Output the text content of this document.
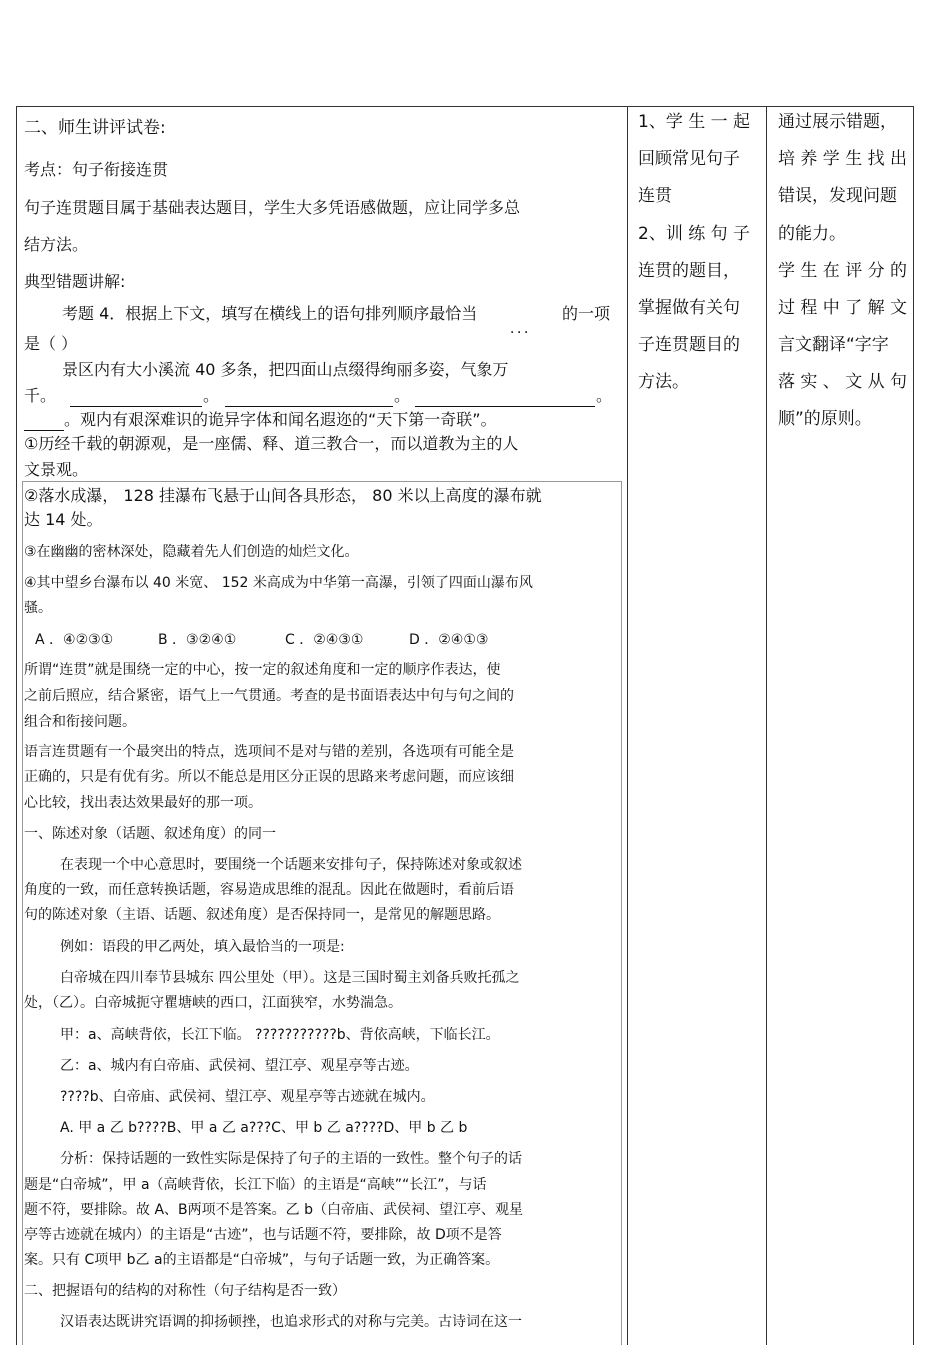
二、师生讲评试卷:
考点：句子衔接连贯
句子连贯题目属于基础表达题目，学生大多凭语感做题，应让同学多总
结方法。
典型错题讲解:
考题 4．根据上下文，填写在横线上的语句排列顺序最恰当	的一项
．．．
是（ ）
景区内有大小溪流 40 多条，把四面山点缀得绚丽多姿，气象万
千。	。	。	。
。观内有艰深难识的诡异字体和闻名遐迩的“天下第一奇联”。
①历经千载的朝源观，是一座儒、释、道三教合一，而以道教为主的人
文景观。
②落水成瀑， 128 挂瀑布飞悬于山间各具形态， 80 米以上高度的瀑布就
达 14 处。
③在幽幽的密林深处，隐藏着先人们创造的灿烂文化。
④其中望乡台瀑布以 40 米宽、 152 米高成为中华第一高瀑，引领了四面山瀑布风
骚。
A ．④②③①	B ．③②④①	C ．②④③①	D ．②④①③
所谓“连贯”就是围绕一定的中心，按一定的叙述角度和一定的顺序作表达，使
之前后照应，结合紧密，语气上一气贯通。考查的是书面语表达中句与句之间的
组合和衔接问题。
语言连贯题有一个最突出的特点，选项间不是对与错的差别，各选项有可能全是
正确的，只是有优有劣。所以不能总是用区分正误的思路来考虑问题，而应该细
心比较，找出表达效果最好的那一项。
一、陈述对象（话题、叙述角度）的同一
在表现一个中心意思时，要围绕一个话题来安排句子，保持陈述对象或叙述
角度的一致，而任意转换话题，容易造成思维的混乱。因此在做题时，看前后语
句的陈述对象（主语、话题、叙述角度）是否保持同一，是常见的解题思路。
例如：语段的甲乙两处，填入最恰当的一项是:
白帝城在四川奉节县城东 四公里处（甲）。这是三国时蜀主刘备兵败托孤之
处，（乙）。白帝城扼守瞿塘峡的西口，江面狭窄，水势湍急。
甲：a、高峡背依，长江下临。 ???????????b、背依高峡，下临长江。
乙：a、城内有白帝庙、武侯祠、望江亭、观星亭等古迹。
????b、白帝庙、武侯祠、望江亭、观星亭等古迹就在城内。
A. 甲 a 乙 b????B、甲 a 乙 a???C、甲 b 乙 a????D、甲 b 乙 b
分析：保持话题的一致性实际是保持了句子的主语的一致性。整个句子的话
题是“白帝城”，甲 a（高峡背依，长江下临）的主语是“高峡”“长江”，与话
题不符，要排除。故 A、B两项不是答案。乙 b（白帝庙、武侯祠、望江亭、观星
亭等古迹就在城内）的主语是“古迹”，也与话题不符，要排除，故 D项不是答
案。只有 C项甲 b乙 a的主语都是“白帝城”，与句子话题一致，为正确答案。
二、把握语句的结构的对称性（句子结构是否一致）
汉语表达既讲究语调的抑扬顿挫，也追求形式的对称与完美。古诗词在这一
1、学 生 一 起
回顾常见句子
连贯
2、训 练 句 子
连贯的题目，
掌握做有关句
子连贯题目的
方法。
通过展示错题，
培 养 学 生 找 出
错误，发现问题
的能力。
学 生 在 评 分 的
过 程 中 了 解 文
言文翻译“字字
落 实 、 文 从 句
顺”的原则。
